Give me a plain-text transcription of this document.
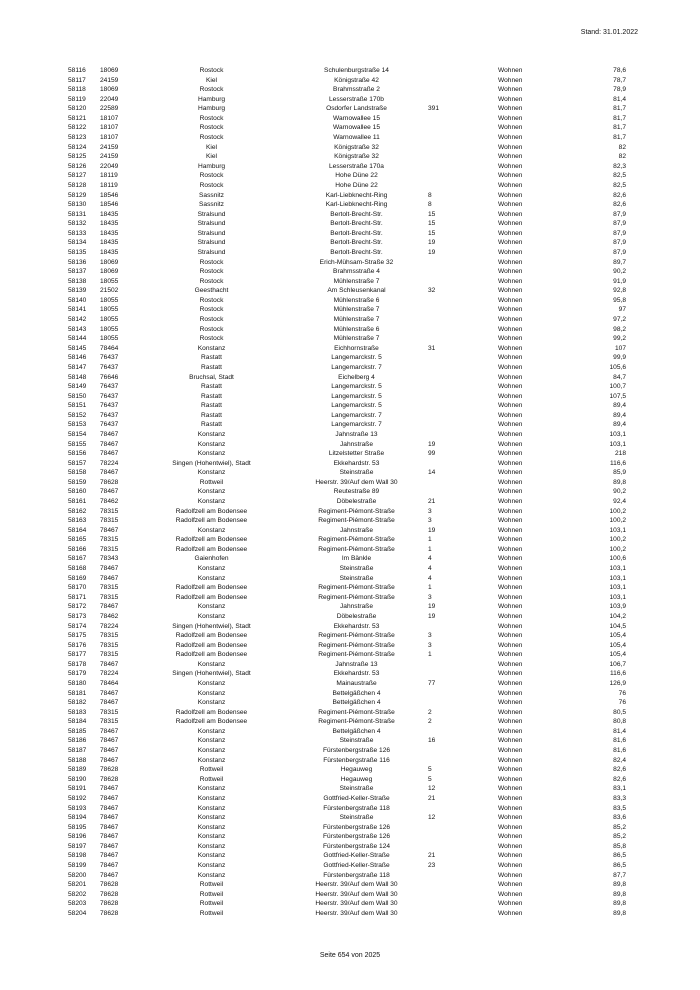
Stand: 31.01.2022
58116	18069	Rostock	Schulenburgstraße 14		Wohnen	78,6
58117	24159	Kiel	Königstraße 42		Wohnen	78,7
58118	18069	Rostock	Brahmsstraße 2		Wohnen	78,9
58119	22049	Hamburg	Lesserstraße 170b		Wohnen	81,4
58120	22589	Hamburg	Osdorfer Landstraße	391	Wohnen	81,7
58121	18107	Rostock	Warnowallee 15		Wohnen	81,7
58122	18107	Rostock	Warnowallee 15		Wohnen	81,7
58123	18107	Rostock	Warnowallee 11		Wohnen	81,7
58124	24159	Kiel	Königstraße 32		Wohnen	82
58125	24159	Kiel	Königstraße 32		Wohnen	82
58126	22049	Hamburg	Lesserstraße 170a		Wohnen	82,3
58127	18119	Rostock	Hohe Düne 22		Wohnen	82,5
58128	18119	Rostock	Hohe Düne 22		Wohnen	82,5
58129	18546	Sassnitz	Karl-Liebknecht-Ring	8	Wohnen	82,6
58130	18546	Sassnitz	Karl-Liebknecht-Ring	8	Wohnen	82,6
58131	18435	Stralsund	Bertolt-Brecht-Str.	15	Wohnen	87,9
58132	18435	Stralsund	Bertolt-Brecht-Str.	15	Wohnen	87,9
58133	18435	Stralsund	Bertolt-Brecht-Str.	15	Wohnen	87,9
58134	18435	Stralsund	Bertolt-Brecht-Str.	19	Wohnen	87,9
58135	18435	Stralsund	Bertolt-Brecht-Str.	19	Wohnen	87,9
58136	18069	Rostock	Erich-Mühsam-Straße 32		Wohnen	89,7
58137	18069	Rostock	Brahmsstraße 4		Wohnen	90,2
58138	18055	Rostock	Mühlenstraße 7		Wohnen	91,9
58139	21502	Geesthacht	Am Schleusenkanal	32	Wohnen	92,8
58140	18055	Rostock	Mühlenstraße 6		Wohnen	95,8
58141	18055	Rostock	Mühlenstraße 7		Wohnen	97
58142	18055	Rostock	Mühlenstraße 7		Wohnen	97,2
58143	18055	Rostock	Mühlenstraße 6		Wohnen	98,2
58144	18055	Rostock	Mühlenstraße 7		Wohnen	99,2
58145	78464	Konstanz	Eichhornstraße	31	Wohnen	107
58146	76437	Rastatt	Langemarckstr. 5		Wohnen	99,9
58147	76437	Rastatt	Langemarckstr. 7		Wohnen	105,6
58148	76646	Bruchsal, Stadt	Eichelberg 4		Wohnen	84,7
58149	76437	Rastatt	Langemarckstr. 5		Wohnen	100,7
58150	76437	Rastatt	Langemarckstr. 5		Wohnen	107,5
58151	76437	Rastatt	Langemarckstr. 5		Wohnen	89,4
58152	76437	Rastatt	Langemarckstr. 7		Wohnen	89,4
58153	76437	Rastatt	Langemarckstr. 7		Wohnen	89,4
58154	78467	Konstanz	Jahnstraße 13		Wohnen	103,1
58155	78467	Konstanz	Jahnstraße	19	Wohnen	103,1
58156	78467	Konstanz	Litzelstetter Straße	99	Wohnen	218
58157	78224	Singen (Hohentwiel), Stadt	Ekkehardstr. 53		Wohnen	116,6
58158	78467	Konstanz	Steinstraße	14	Wohnen	85,9
58159	78628	Rottweil	Heerstr. 39/Auf dem Wall 30		Wohnen	89,8
58160	78467	Konstanz	Reutestraße 89		Wohnen	90,2
58161	78462	Konstanz	Döbelestraße	21	Wohnen	92,4
58162	78315	Radolfzell am Bodensee	Regiment-Piémont-Straße	3	Wohnen	100,2
58163	78315	Radolfzell am Bodensee	Regiment-Piémont-Straße	3	Wohnen	100,2
58164	78467	Konstanz	Jahnstraße	19	Wohnen	103,1
58165	78315	Radolfzell am Bodensee	Regiment-Piémont-Straße	1	Wohnen	100,2
58166	78315	Radolfzell am Bodensee	Regiment-Piémont-Straße	1	Wohnen	100,2
58167	78343	Gaienhofen	Im Bänkle	4	Wohnen	100,6
58168	78467	Konstanz	Steinstraße	4	Wohnen	103,1
58169	78467	Konstanz	Steinstraße	4	Wohnen	103,1
58170	78315	Radolfzell am Bodensee	Regiment-Piémont-Straße	1	Wohnen	103,1
58171	78315	Radolfzell am Bodensee	Regiment-Piémont-Straße	3	Wohnen	103,1
58172	78467	Konstanz	Jahnstraße	19	Wohnen	103,9
58173	78462	Konstanz	Döbelestraße	19	Wohnen	104,2
58174	78224	Singen (Hohentwiel), Stadt	Ekkehardstr. 53		Wohnen	104,5
58175	78315	Radolfzell am Bodensee	Regiment-Piémont-Straße	3	Wohnen	105,4
58176	78315	Radolfzell am Bodensee	Regiment-Piémont-Straße	3	Wohnen	105,4
58177	78315	Radolfzell am Bodensee	Regiment-Piémont-Straße	1	Wohnen	105,4
58178	78467	Konstanz	Jahnstraße 13		Wohnen	106,7
58179	78224	Singen (Hohentwiel), Stadt	Ekkehardstr. 53		Wohnen	116,6
58180	78464	Konstanz	Mainaustraße	77	Wohnen	126,9
58181	78467	Konstanz	Bettelgäßchen 4		Wohnen	76
58182	78467	Konstanz	Bettelgäßchen 4		Wohnen	76
58183	78315	Radolfzell am Bodensee	Regiment-Piémont-Straße	2	Wohnen	80,5
58184	78315	Radolfzell am Bodensee	Regiment-Piémont-Straße	2	Wohnen	80,8
58185	78467	Konstanz	Bettelgäßchen 4		Wohnen	81,4
58186	78467	Konstanz	Steinstraße	16	Wohnen	81,6
58187	78467	Konstanz	Fürstenbergstraße 126		Wohnen	81,6
58188	78467	Konstanz	Fürstenbergstraße 116		Wohnen	82,4
58189	78628	Rottweil	Hegauweg	5	Wohnen	82,6
58190	78628	Rottweil	Hegauweg	5	Wohnen	82,6
58191	78467	Konstanz	Steinstraße	12	Wohnen	83,1
58192	78467	Konstanz	Gottfried-Keller-Straße	21	Wohnen	83,3
58193	78467	Konstanz	Fürstenbergstraße 118		Wohnen	83,5
58194	78467	Konstanz	Steinstraße	12	Wohnen	83,6
58195	78467	Konstanz	Fürstenbergstraße 126		Wohnen	85,2
58196	78467	Konstanz	Fürstenbergstraße 126		Wohnen	85,2
58197	78467	Konstanz	Fürstenbergstraße 124		Wohnen	85,8
58198	78467	Konstanz	Gottfried-Keller-Straße	21	Wohnen	86,5
58199	78467	Konstanz	Gottfried-Keller-Straße	23	Wohnen	86,5
58200	78467	Konstanz	Fürstenbergstraße 118		Wohnen	87,7
58201	78628	Rottweil	Heerstr. 39/Auf dem Wall 30		Wohnen	89,8
58202	78628	Rottweil	Heerstr. 39/Auf dem Wall 30		Wohnen	89,8
58203	78628	Rottweil	Heerstr. 39/Auf dem Wall 30		Wohnen	89,8
58204	78628	Rottweil	Heerstr. 39/Auf dem Wall 30		Wohnen	89,8
Seite 654 von 2025
